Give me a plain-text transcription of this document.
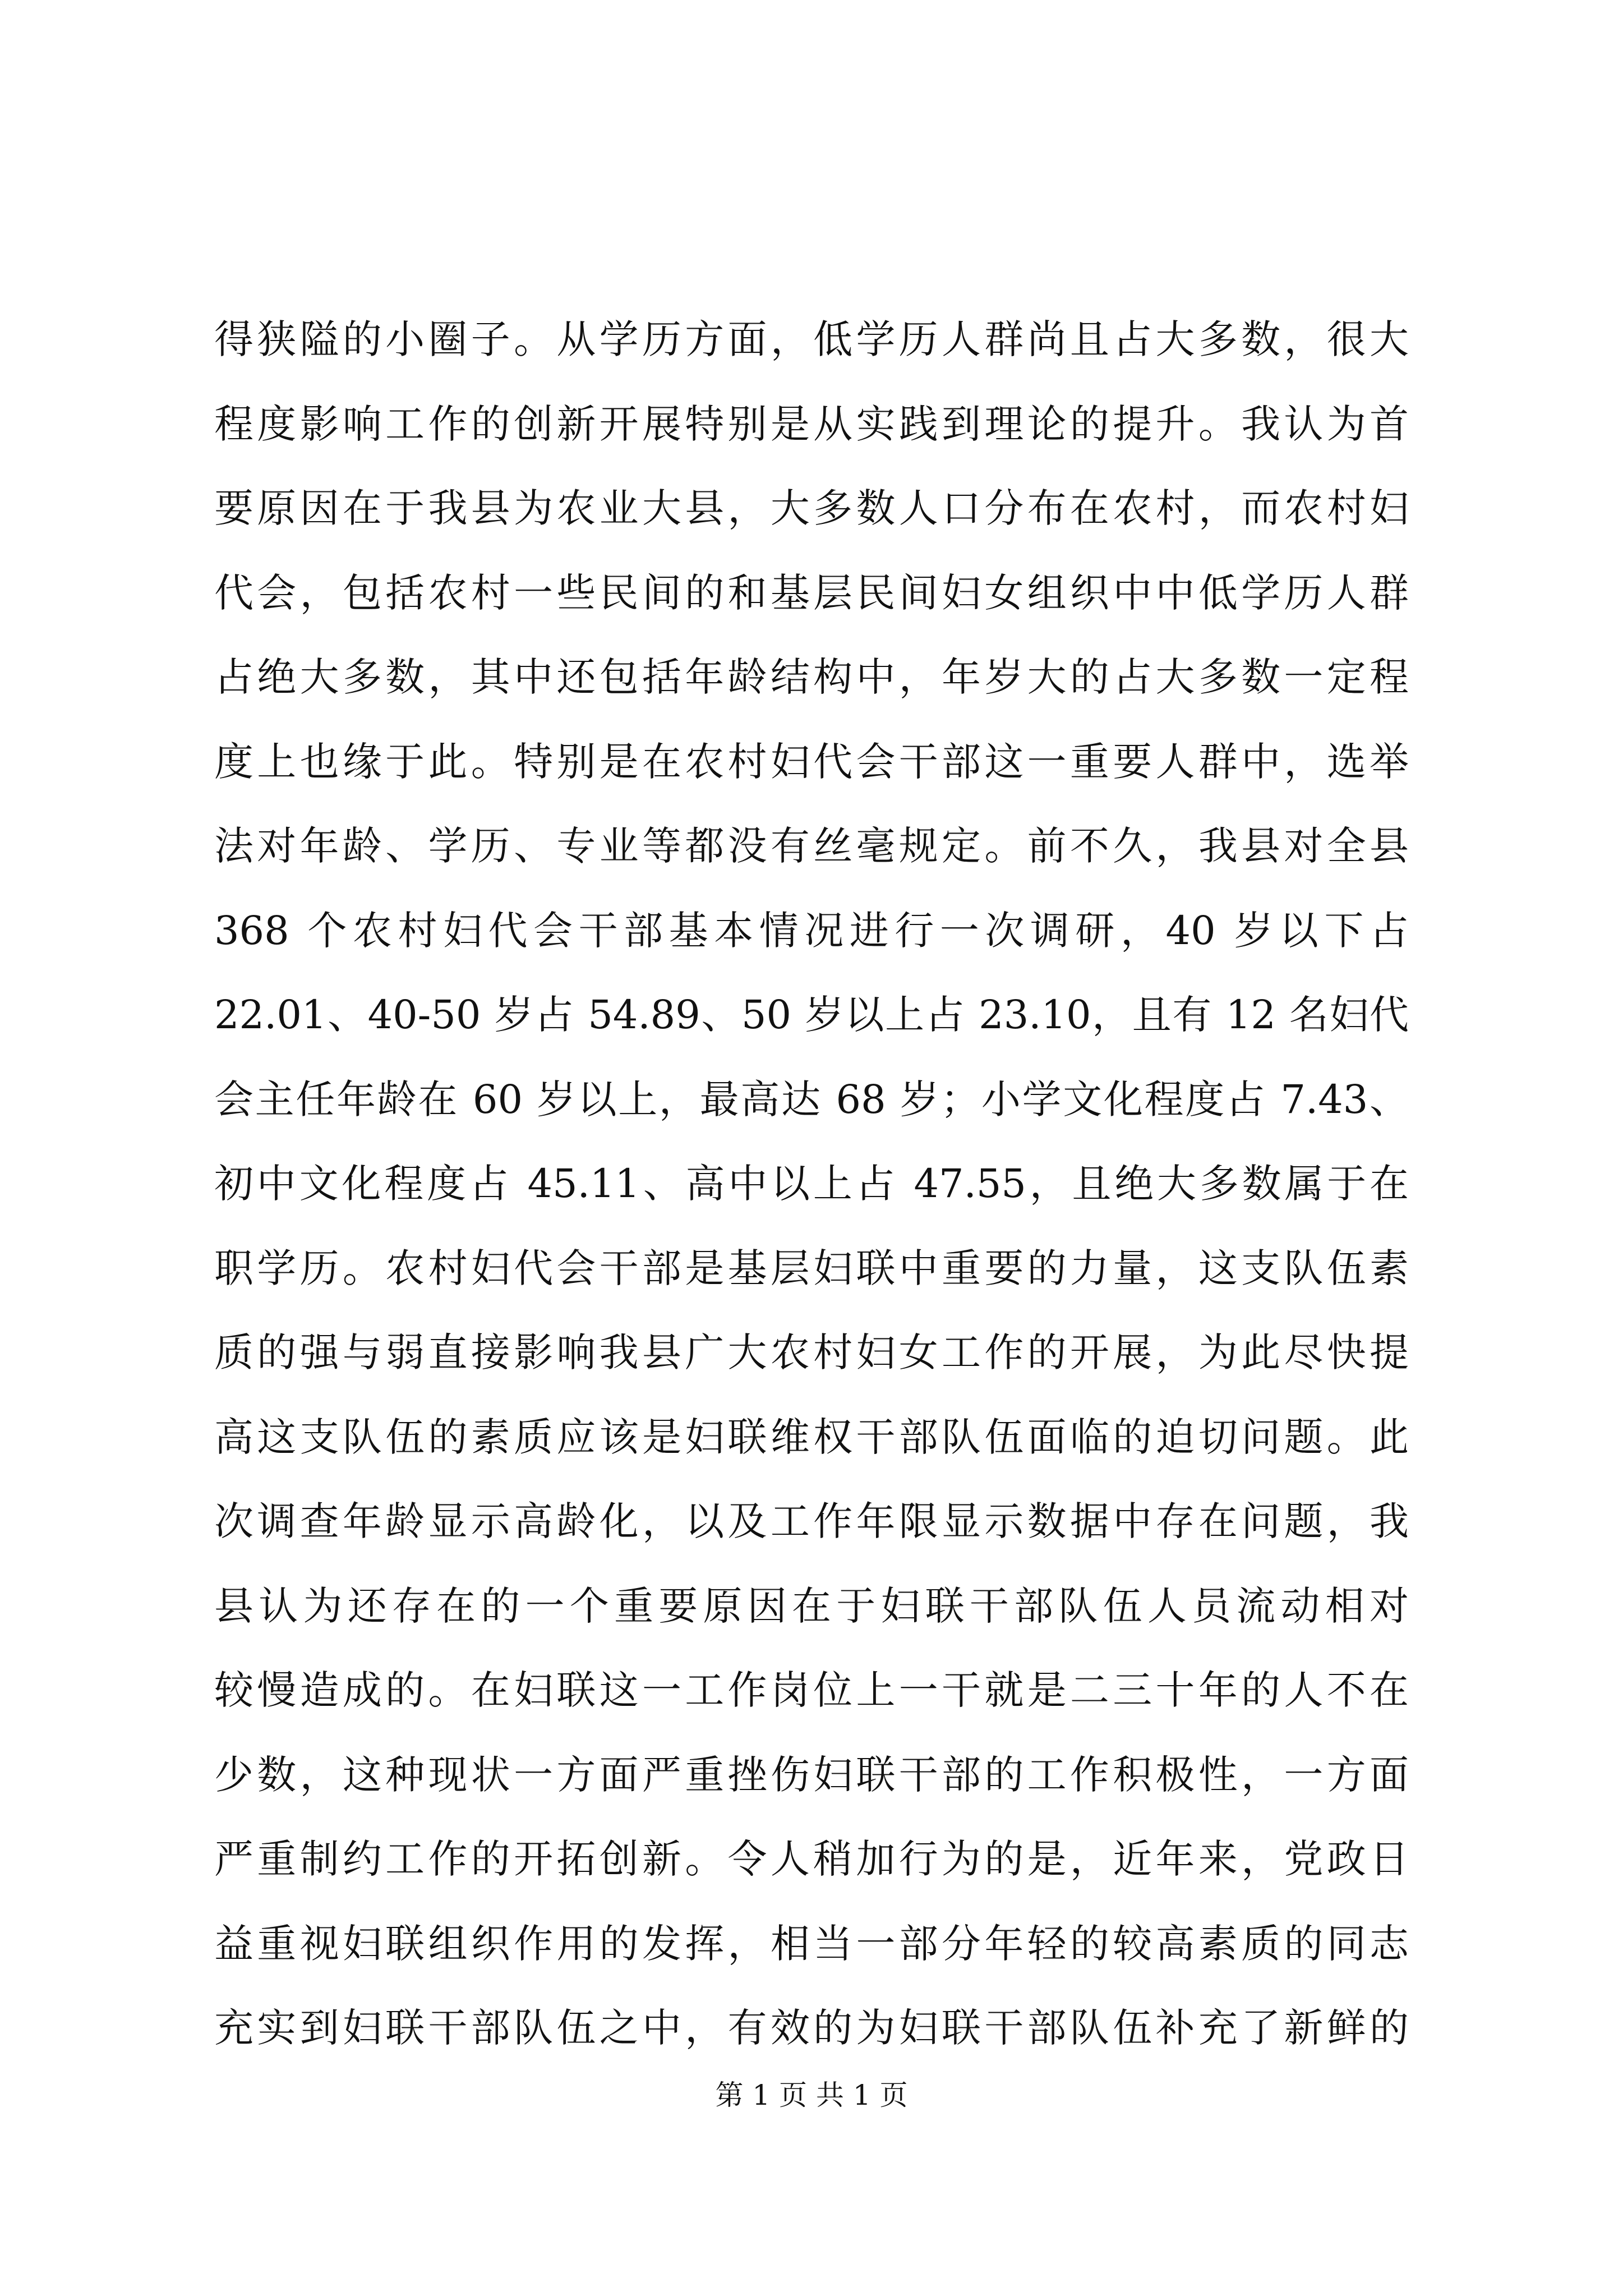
得狭隘的小圈子。从学历方面，低学历人群尚且占大多数，很大
程度影响工作的创新开展特别是从实践到理论的提升。我认为首
要原因在于我县为农业大县，大多数人口分布在农村，而农村妇
代会，包括农村一些民间的和基层民间妇女组织中中低学历人群
占绝大多数，其中还包括年龄结构中，年岁大的占大多数一定程
度上也缘于此。特别是在农村妇代会干部这一重要人群中，选举
法对年龄、学历、专业等都没有丝毫规定。前不久，我县对全县
368 个农村妇代会干部基本情况进行一次调研，40 岁以下占
22.01、40-50 岁占 54.89、50 岁以上占 23.10，且有 12 名妇代
会主任年龄在 60 岁以上，最高达 68 岁；小学文化程度占 7.43、
初中文化程度占 45.11、高中以上占 47.55，且绝大多数属于在
职学历。农村妇代会干部是基层妇联中重要的力量，这支队伍素
质的强与弱直接影响我县广大农村妇女工作的开展，为此尽快提
高这支队伍的素质应该是妇联维权干部队伍面临的迫切问题。此
次调查年龄显示高龄化，以及工作年限显示数据中存在问题，我
县认为还存在的一个重要原因在于妇联干部队伍人员流动相对
较慢造成的。在妇联这一工作岗位上一干就是二三十年的人不在
少数，这种现状一方面严重挫伤妇联干部的工作积极性，一方面
严重制约工作的开拓创新。令人稍加行为的是，近年来，党政日
益重视妇联组织作用的发挥，相当一部分年轻的较高素质的同志
充实到妇联干部队伍之中，有效的为妇联干部队伍补充了新鲜的
第 1 页 共 1 页
